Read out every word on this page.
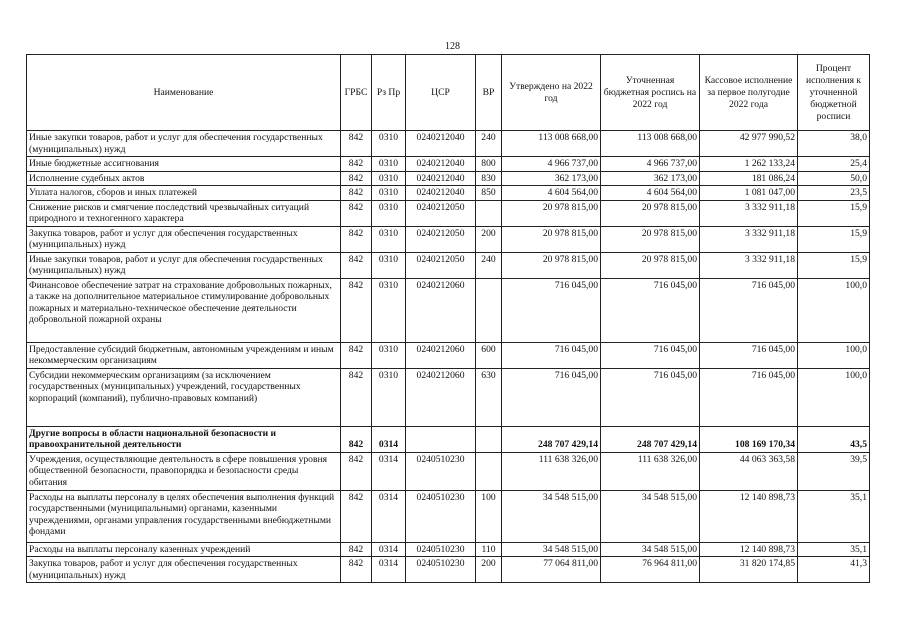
128
Наименование	ГРБС	Рз Пр	ЦСР	ВР	Утверждено на 2022 год	Уточненная бюджетная роспись на 2022 год	Кассовое исполнение за первое полугодие 2022 года	Процент исполнения к уточненной бюджетной росписи
Иные закупки товаров, работ и услуг для обеспечения государственных (муниципальных) нужд	842	0310	0240212040	240	113 008 668,00	113 008 668,00	42 977 990,52	38,0
Иные бюджетные ассигнования	842	0310	0240212040	800	4 966 737,00	4 966 737,00	1 262 133,24	25,4
Исполнение судебных актов	842	0310	0240212040	830	362 173,00	362 173,00	181 086,24	50,0
Уплата налогов, сборов и иных платежей	842	0310	0240212040	850	4 604 564,00	4 604 564,00	1 081 047,00	23,5
Снижение рисков и смягчение последствий чрезвычайных ситуаций природного и техногенного характера	842	0310	0240212050		20 978 815,00	20 978 815,00	3 332 911,18	15,9
Закупка товаров, работ и услуг для обеспечения государственных (муниципальных) нужд	842	0310	0240212050	200	20 978 815,00	20 978 815,00	3 332 911,18	15,9
Иные закупки товаров, работ и услуг для обеспечения государственных (муниципальных) нужд	842	0310	0240212050	240	20 978 815,00	20 978 815,00	3 332 911,18	15,9
Финансовое обеспечение затрат на страхование добровольных пожарных, а также на дополнительное материальное стимулирование добровольных пожарных и материально-техническое обеспечение деятельности добровольной пожарной охраны	842	0310	0240212060		716 045,00	716 045,00	716 045,00	100,0
Предоставление субсидий бюджетным, автономным учреждениям и иным некоммерческим организациям	842	0310	0240212060	600	716 045,00	716 045,00	716 045,00	100,0
Субсидии некоммерческим организациям (за исключением государственных (муниципальных) учреждений, государственных корпораций (компаний), публично-правовых компаний)	842	0310	0240212060	630	716 045,00	716 045,00	716 045,00	100,0
Другие вопросы в области национальной безопасности и правоохранительной деятельности	842	0314			248 707 429,14	248 707 429,14	108 169 170,34	43,5
Учреждения, осуществляющие деятельность в сфере повышения уровня общественной безопасности, правопорядка и безопасности среды обитания	842	0314	0240510230		111 638 326,00	111 638 326,00	44 063 363,58	39,5
Расходы на выплаты персоналу в целях обеспечения выполнения функций государственными (муниципальными) органами, казенными учреждениями, органами управления государственными внебюджетными фондами	842	0314	0240510230	100	34 548 515,00	34 548 515,00	12 140 898,73	35,1
Расходы на выплаты персоналу казенных учреждений	842	0314	0240510230	110	34 548 515,00	34 548 515,00	12 140 898,73	35,1
Закупка товаров, работ и услуг для обеспечения государственных (муниципальных) нужд	842	0314	0240510230	200	77 064 811,00	76 964 811,00	31 820 174,85	41,3
